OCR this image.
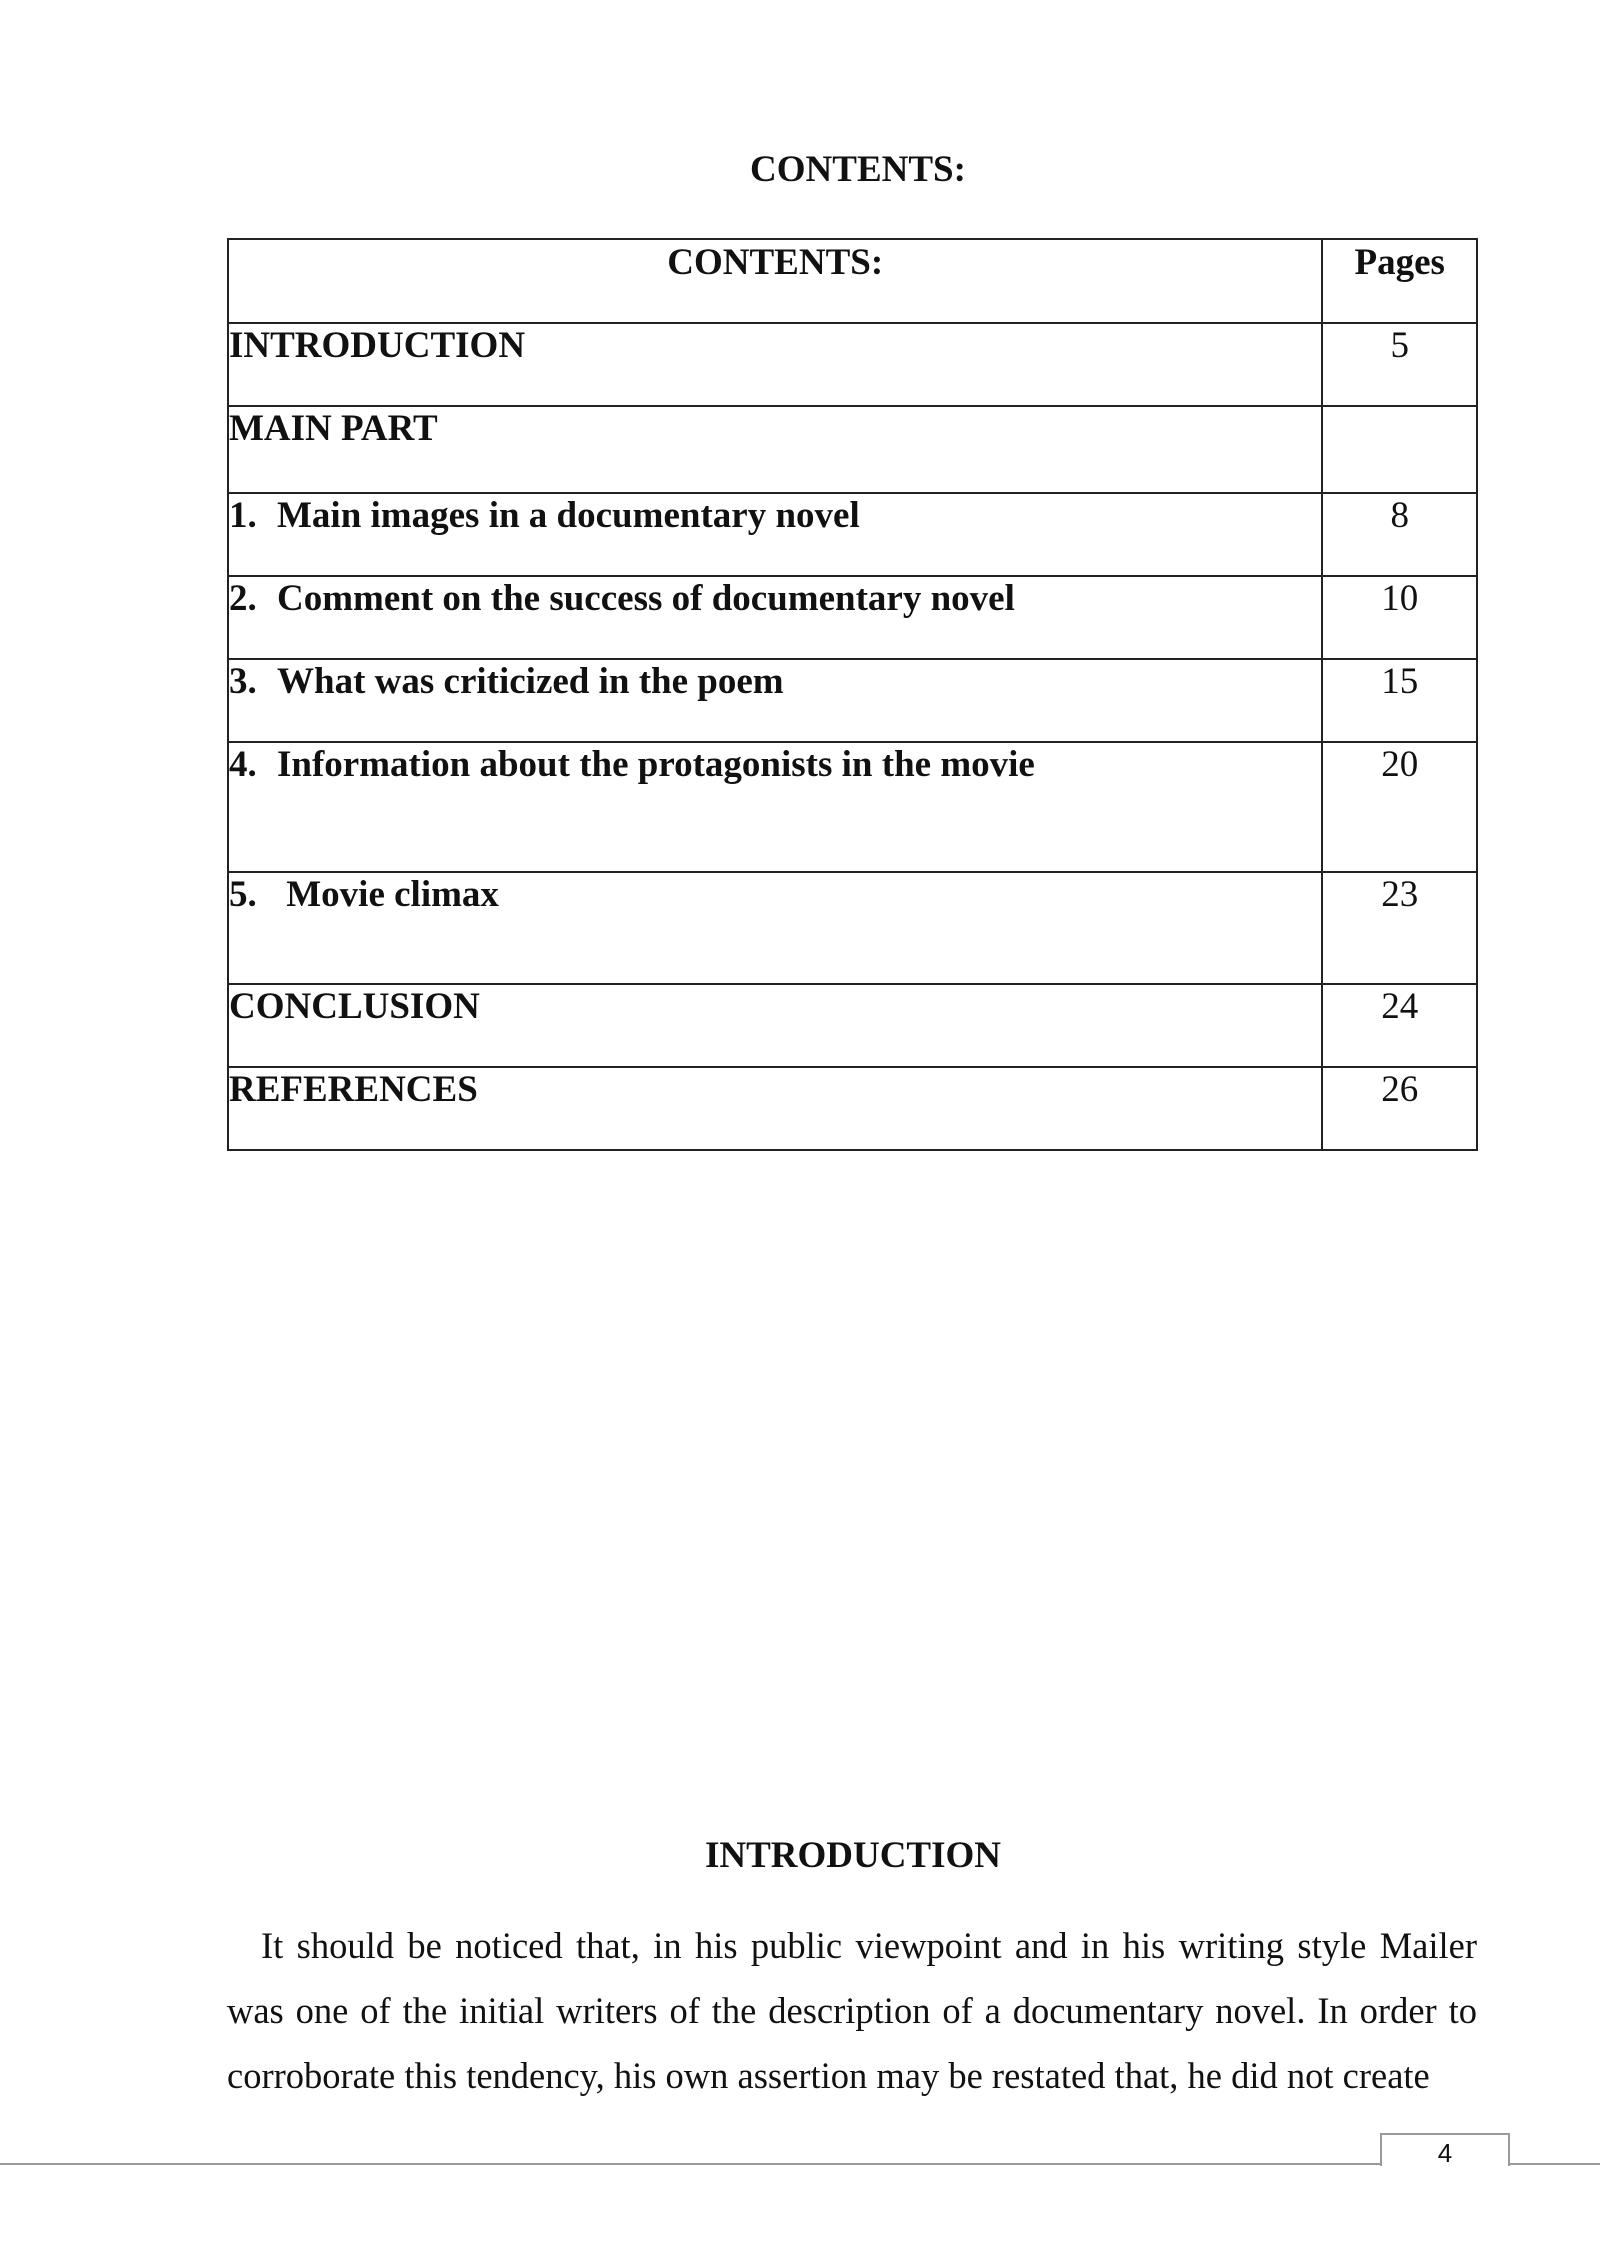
CONTENTS:
CONTENTS:	Pages
INTRODUCTION	5
MAIN PART	
1. Main images in a documentary novel	8
2. Comment on the success of documentary novel	10
3. What was criticized in the poem	15
4. Information about the protagonists in the movie	20
5. Movie climax	23
CONCLUSION	24
REFERENCES	26
INTRODUCTION

It should be noticed that, in his public viewpoint and in his writing style Mailer was one of the initial writers of the description of a documentary novel. In order to corroborate this tendency, his own assertion may be restated that, he did not create

4
